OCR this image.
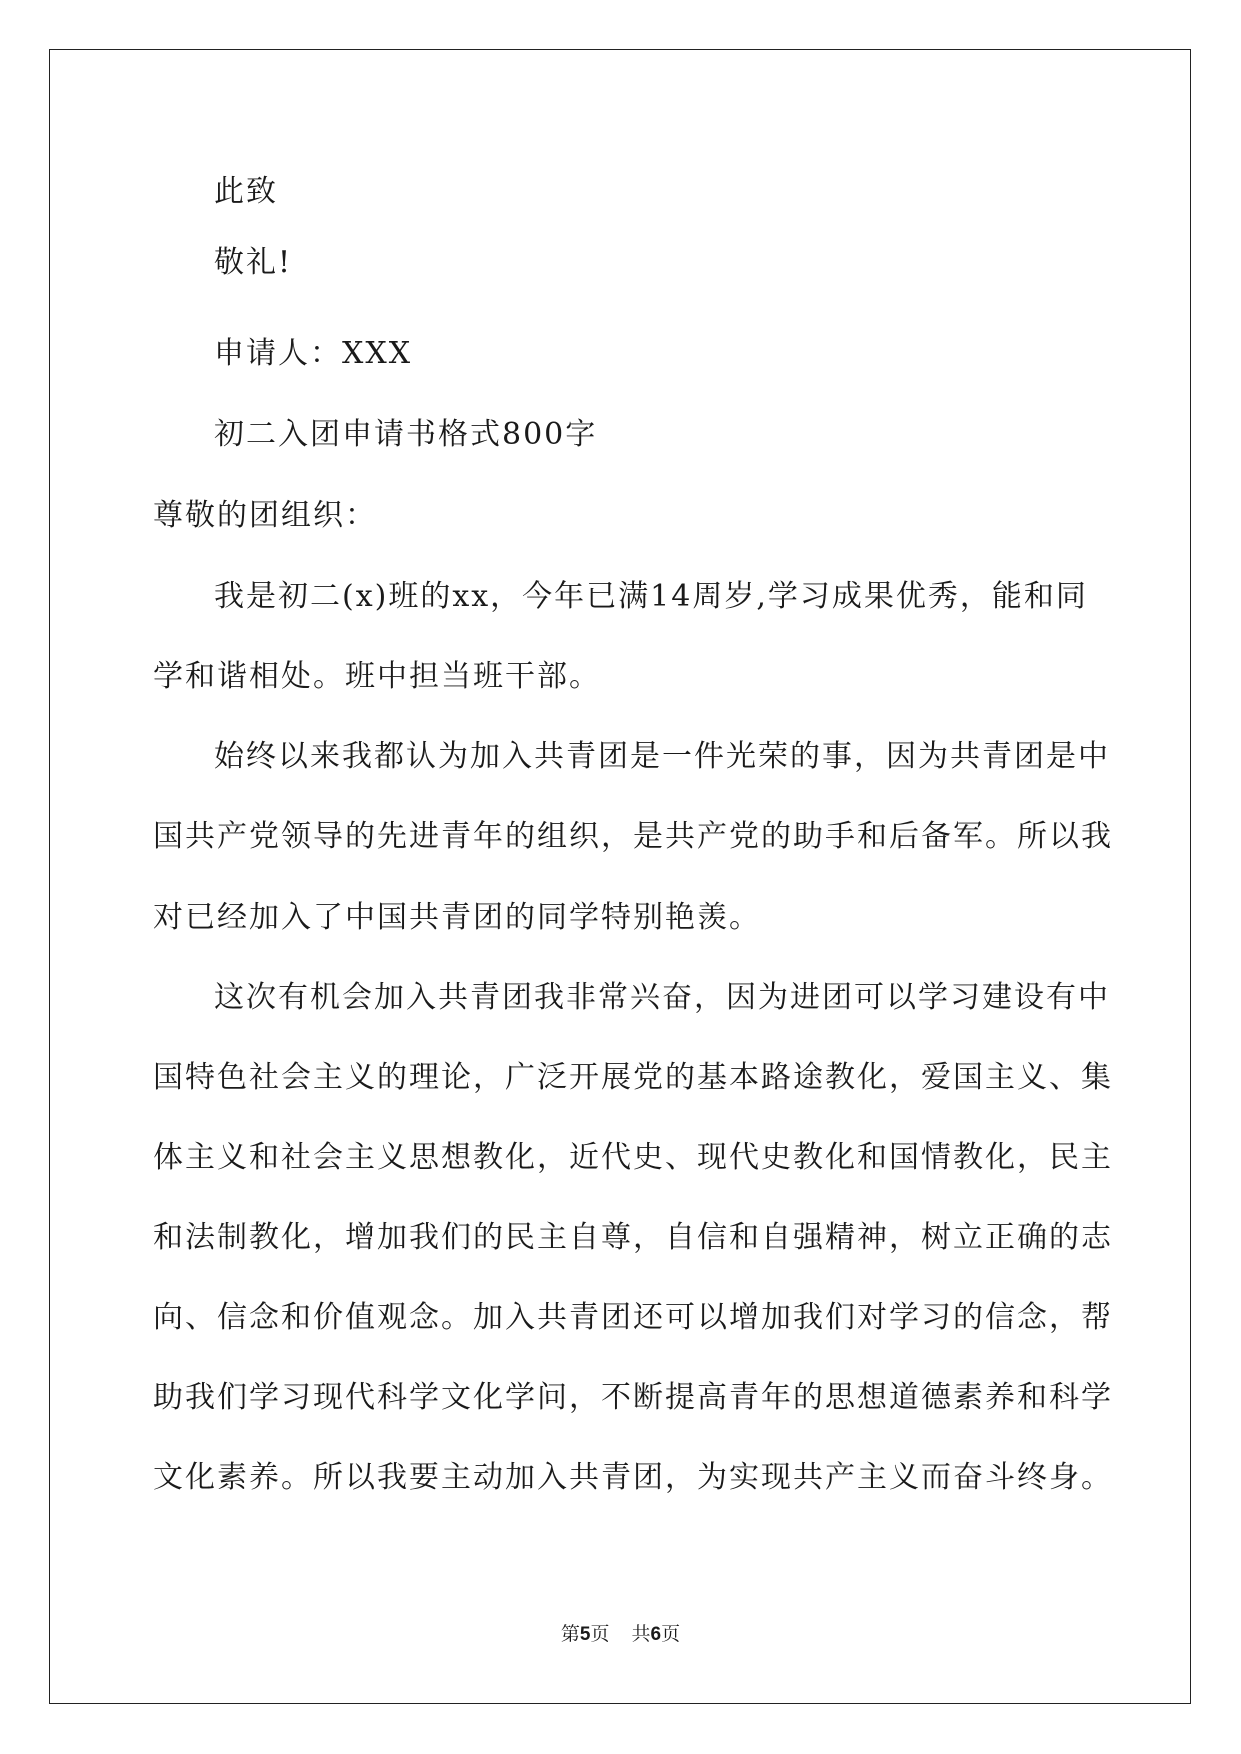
此致
敬礼!
申请人：XXX
初二入团申请书格式800字
尊敬的团组织：
我是初二(x)班的xx，今年已满14周岁,学习成果优秀，能和同
学和谐相处。班中担当班干部。
始终以来我都认为加入共青团是一件光荣的事，因为共青团是中
国共产党领导的先进青年的组织，是共产党的助手和后备军。所以我
对已经加入了中国共青团的同学特别艳羡。
这次有机会加入共青团我非常兴奋，因为进团可以学习建设有中
国特色社会主义的理论，广泛开展党的基本路途教化，爱国主义、集
体主义和社会主义思想教化，近代史、现代史教化和国情教化，民主
和法制教化，增加我们的民主自尊，自信和自强精神，树立正确的志
向、信念和价值观念。加入共青团还可以增加我们对学习的信念，帮
助我们学习现代科学文化学问，不断提高青年的思想道德素养和科学
文化素养。所以我要主动加入共青团，为实现共产主义而奋斗终身。
第5页 共6页
